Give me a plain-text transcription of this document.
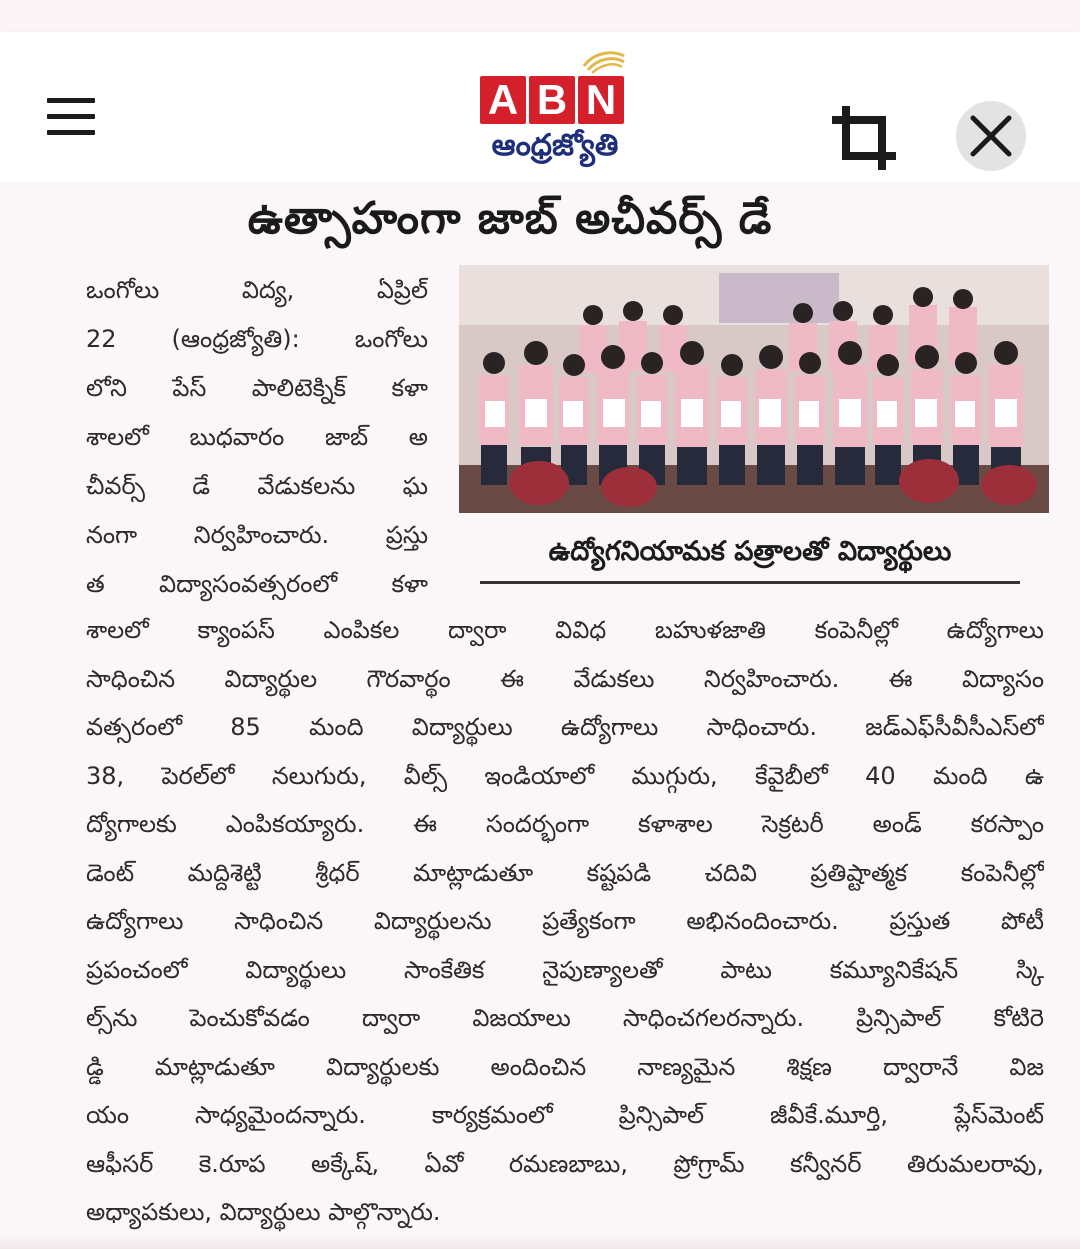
A B N
ఆంధ్రజ్యోతి
ఉత్సాహంగా జాబ్ అచీవర్స్ డే
ఒంగోలు విద్య, ఏప్రిల్
22 (ఆంధ్రజ్యోతి): ఒంగోలు
లోని పేస్ పాలిటెక్నిక్ కళా
శాలలో బుధవారం జాబ్ అ
చీవర్స్ డే వేడుకలను ఘ
నంగా నిర్వహించారు. ప్రస్తు
త విద్యాసంవత్సరంలో కళా
ఉద్యోగనియామక పత్రాలతో విద్యార్థులు
శాలలో క్యాంపస్ ఎంపికల ద్వారా వివిధ బహుళజాతి కంపెనీల్లో ఉద్యోగాలు
సాధించిన విద్యార్థుల గౌరవార్థం ఈ వేడుకలు నిర్వహించారు. ఈ విద్యాసం
వత్సరంలో 85 మంది విద్యార్థులు ఉద్యోగాలు సాధించారు. జడ్‌ఎఫ్‌సీవీసీఎస్‌లో
38, పెరల్‌లో నలుగురు, వీల్స్ ఇండియాలో ముగ్గురు, కేవైబీలో 40 మంది ఉ
ద్యోగాలకు ఎంపికయ్యారు. ఈ సందర్భంగా కళాశాల సెక్రటరీ అండ్ కరస్పాం
డెంట్ మద్దిశెట్టి శ్రీధర్ మాట్లాడుతూ కష్టపడి చదివి ప్రతిష్టాత్మక కంపెనీల్లో
ఉద్యోగాలు సాధించిన విద్యార్థులను ప్రత్యేకంగా అభినందించారు. ప్రస్తుత పోటీ
ప్రపంచంలో విద్యార్థులు సాంకేతిక నైపుణ్యాలతో పాటు కమ్యూనికేషన్ స్కి
ల్స్‌ను పెంచుకోవడం ద్వారా విజయాలు సాధించగలరన్నారు. ప్రిన్సిపాల్ కోటిరె
డ్డి మాట్లాడుతూ విద్యార్థులకు అందించిన నాణ్యమైన శిక్షణ ద్వారానే విజ
యం సాధ్యమైందన్నారు. కార్యక్రమంలో ప్రిన్సిపాల్ జీవీకే.మూర్తి, ప్లేస్‌మెంట్
ఆఫీసర్ కె.రూప అక్కేష్, ఏవో రమణబాబు, ప్రోగ్రామ్ కన్వీనర్ తిరుమలరావు,
అధ్యాపకులు, విద్యార్థులు పాల్గొన్నారు.
